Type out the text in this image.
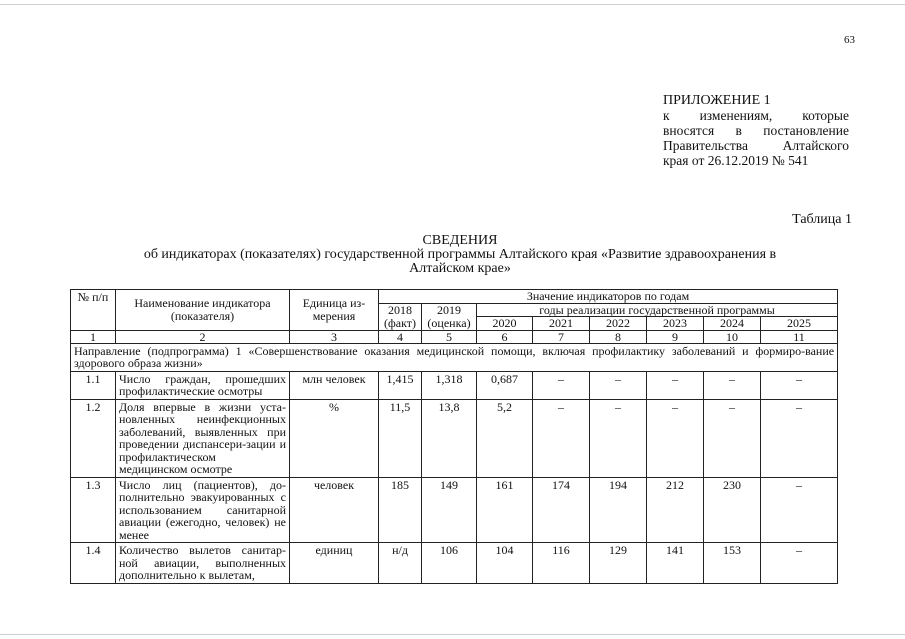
63
ПРИЛОЖЕНИЕ 1
к изменениям, которые
вносятся в постановление
Правительства Алтайского
края от 26.12.2019 № 541
Таблица 1
СВЕДЕНИЯ
об индикаторах (показателях) государственной программы Алтайского края «Развитие здравоохранения в
Алтайском крае»
№ п/п	Наименование индикатора (показателя)	Единица из-мерения	Значение индикаторов по годам							
			2018 (факт)	2019 (оценка)	годы реализации государственной программы					
					2020	2021	2022	2023	2024	2025
1	2	3	4	5	6	7	8	9	10	11
Направление (подпрограмма) 1 «Совершенствование оказания медицинской помощи, включая профилактику заболеваний и формиро-вание здорового образа жизни»										
1.1	Число граждан, прошедших профилактические осмотры	млн человек	1,415	1,318	0,687	–	–	–	–	–
1.2	Доля впервые в жизни уста-новленных неинфекционных заболеваний, выявленных при проведении диспансери-зации и профилактическом медицинском осмотре	%	11,5	13,8	5,2	–	–	–	–	–
1.3	Число лиц (пациентов), до-полнительно эвакуированных с использованием санитарной авиации (ежегодно, человек) не менее	человек	185	149	161	174	194	212	230	–
1.4	Количество вылетов санитар-ной авиации, выполненных дополнительно к вылетам,	единиц	н/д	106	104	116	129	141	153	–
